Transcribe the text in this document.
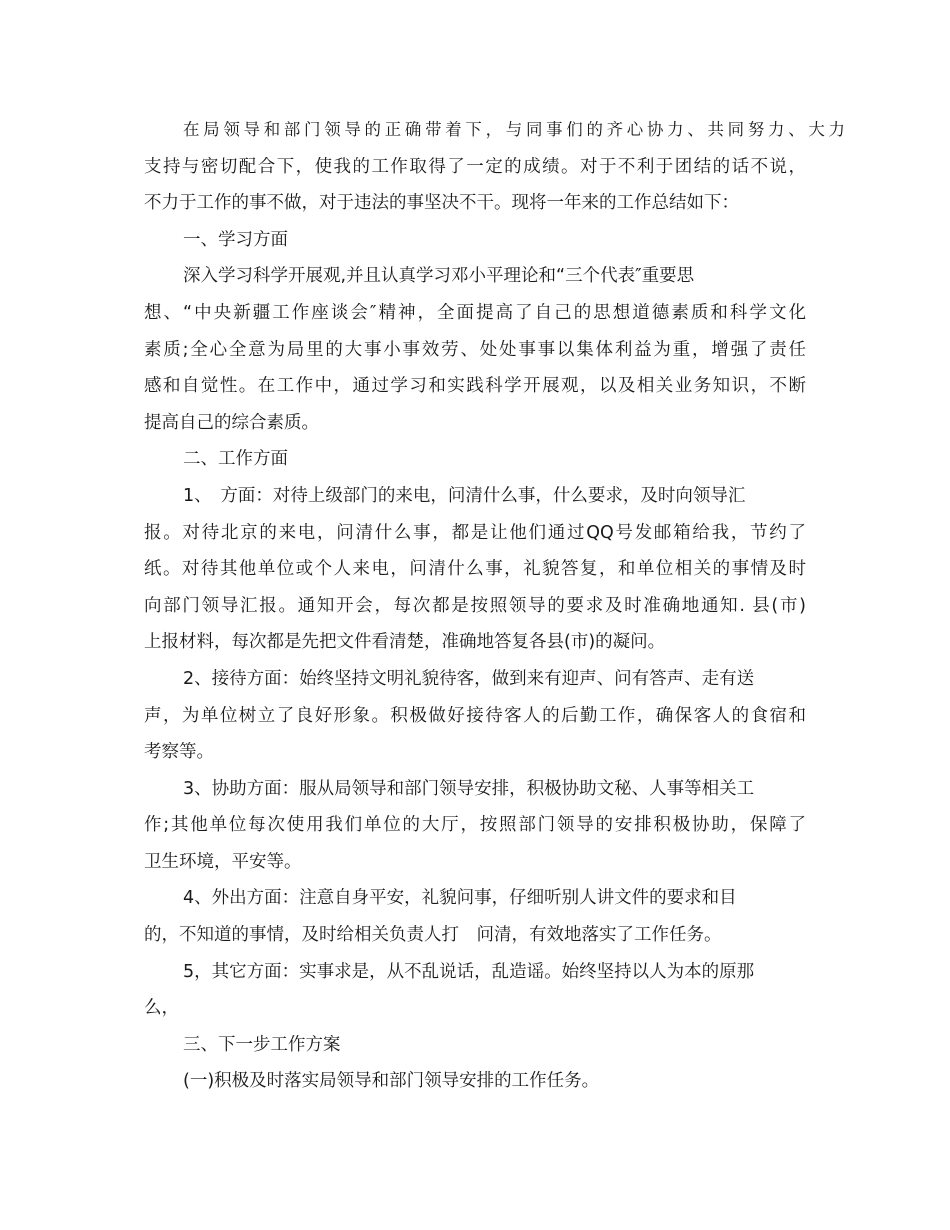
在局领导和部门领导的正确带着下，与同事们的齐心协力、共同努力、大力
支持与密切配合下，使我的工作取得了一定的成绩。对于不利于团结的话不说，
不力于工作的事不做，对于违法的事坚决不干。现将一年来的工作总结如下：
一、学习方面
深入学习科学开展观,并且认真学习邓小平理论和“三个代表″重要思
想、“中央新疆工作座谈会″精神，全面提高了自己的思想道德素质和科学文化
素质;全心全意为局里的大事小事效劳、处处事事以集体利益为重，增强了责任
感和自觉性。在工作中，通过学习和实践科学开展观，以及相关业务知识，不断
提高自己的综合素质。
二、工作方面
1、　方面：对待上级部门的来电，问清什么事，什么要求，及时向领导汇
报。对待北京的来电，问清什么事，都是让他们通过QQ号发邮箱给我，节约了
纸。对待其他单位或个人来电，问清什么事，礼貌答复，和单位相关的事情及时
向部门领导汇报。通知开会，每次都是按照领导的要求及时准确地通知. 县(市)
上报材料，每次都是先把文件看清楚，准确地答复各县(市)的凝问。
2、接待方面：始终坚持文明礼貌待客，做到来有迎声、问有答声、走有送
声，为单位树立了良好形象。积极做好接待客人的后勤工作，确保客人的食宿和
考察等。
3、协助方面：服从局领导和部门领导安排，积极协助文秘、人事等相关工
作;其他单位每次使用我们单位的大厅，按照部门领导的安排积极协助，保障了
卫生环境，平安等。
4、外出方面：注意自身平安，礼貌问事，仔细听别人讲文件的要求和目
的，不知道的事情，及时给相关负责人打　问清，有效地落实了工作任务。
5，其它方面：实事求是，从不乱说话，乱造谣。始终坚持以人为本的原那
么，
三、下一步工作方案
(一)积极及时落实局领导和部门领导安排的工作任务。
